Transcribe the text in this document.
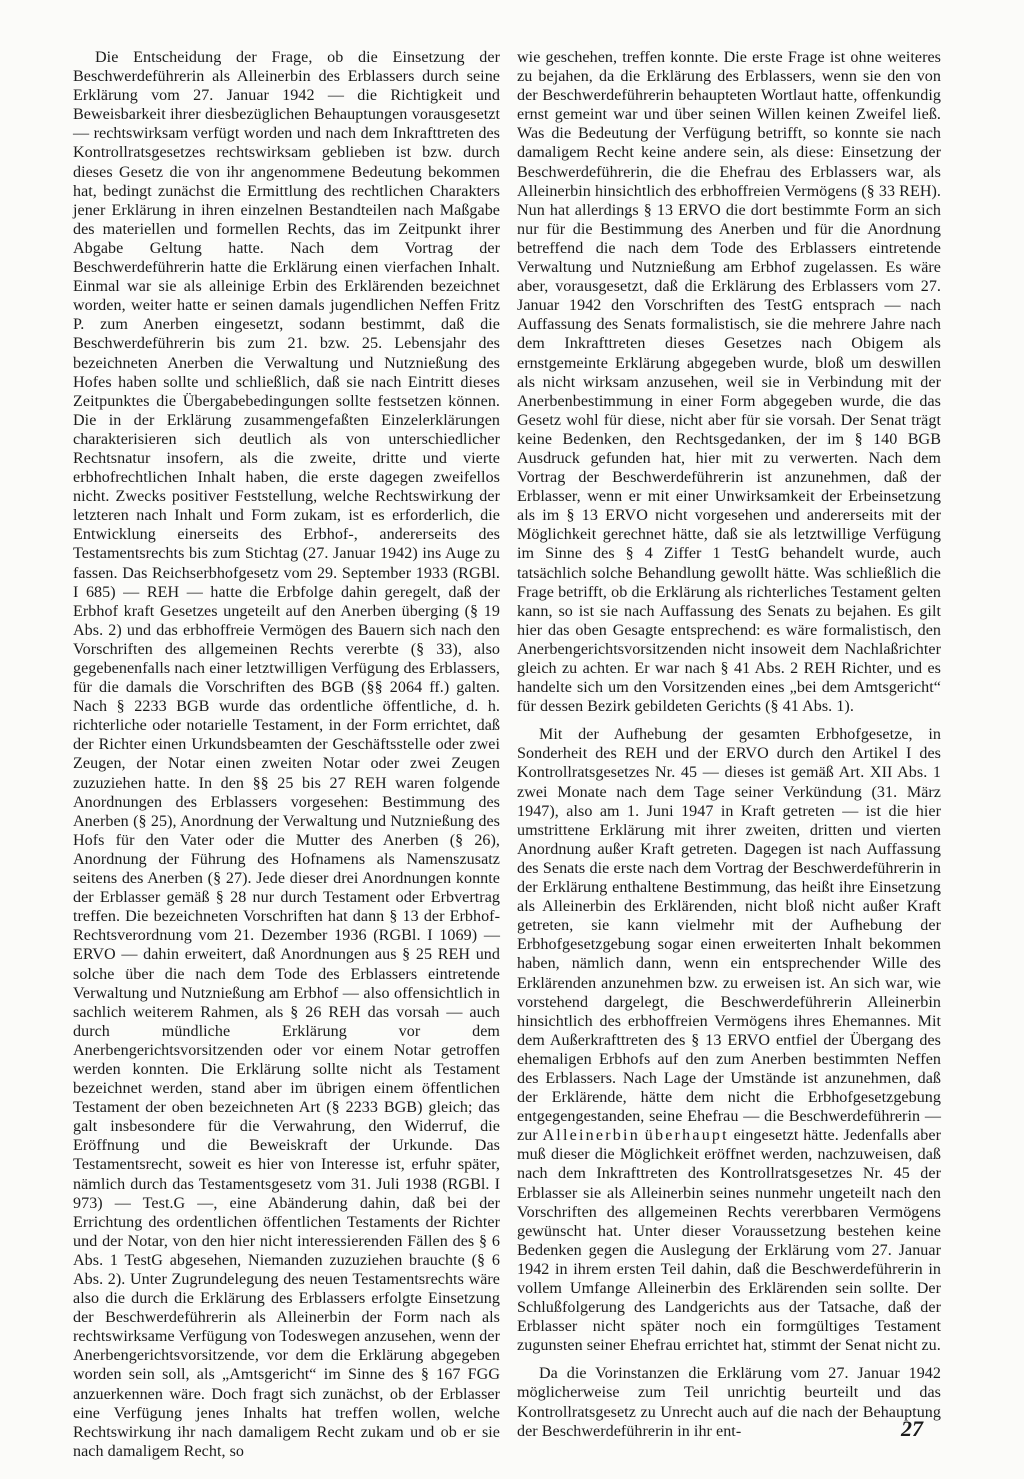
Die Entscheidung der Frage, ob die Einsetzung der Beschwerdeführerin als Alleinerbin des Erblassers durch seine Erklärung vom 27. Januar 1942 — die Richtigkeit und Beweisbarkeit ihrer diesbezüglichen Behauptungen vorausgesetzt — rechtswirksam verfügt worden und nach dem Inkrafttreten des Kontrollratsgesetzes rechtswirksam geblieben ist bzw. durch dieses Gesetz die von ihr angenommene Bedeutung bekommen hat, bedingt zunächst die Ermittlung des rechtlichen Charakters jener Erklärung in ihren einzelnen Bestandteilen nach Maßgabe des materiellen und formellen Rechts, das im Zeitpunkt ihrer Abgabe Geltung hatte. Nach dem Vortrag der Beschwerdeführerin hatte die Erklärung einen vierfachen Inhalt. Einmal war sie als alleinige Erbin des Erklärenden bezeichnet worden, weiter hatte er seinen damals jugendlichen Neffen Fritz P. zum Anerben eingesetzt, sodann bestimmt, daß die Beschwerdeführerin bis zum 21. bzw. 25. Lebensjahr des bezeichneten Anerben die Verwaltung und Nutznießung des Hofes haben sollte und schließlich, daß sie nach Eintritt dieses Zeitpunktes die Übergabebedingungen sollte festsetzen können. Die in der Erklärung zusammengefaßten Einzelerklärungen charakterisieren sich deutlich als von unterschiedlicher Rechtsnatur insofern, als die zweite, dritte und vierte erbhofrechtlichen Inhalt haben, die erste dagegen zweifellos nicht. Zwecks positiver Feststellung, welche Rechtswirkung der letzteren nach Inhalt und Form zukam, ist es erforderlich, die Entwicklung einerseits des Erbhof-, andererseits des Testamentsrechts bis zum Stichtag (27. Januar 1942) ins Auge zu fassen. Das Reichserbhofgesetz vom 29. September 1933 (RGBl. I 685) — REH — hatte die Erbfolge dahin geregelt, daß der Erbhof kraft Gesetzes ungeteilt auf den Anerben überging (§ 19 Abs. 2) und das erbhoffreie Vermögen des Bauern sich nach den Vorschriften des allgemeinen Rechts vererbte (§ 33), also gegebenenfalls nach einer letztwilligen Verfügung des Erblassers, für die damals die Vorschriften des BGB (§§ 2064 ff.) galten. Nach § 2233 BGB wurde das ordentliche öffentliche, d. h. richterliche oder notarielle Testament, in der Form errichtet, daß der Richter einen Urkundsbeamten der Geschäftsstelle oder zwei Zeugen, der Notar einen zweiten Notar oder zwei Zeugen zuzuziehen hatte. In den §§ 25 bis 27 REH waren folgende Anordnungen des Erblassers vorgesehen: Bestimmung des Anerben (§ 25), Anordnung der Verwaltung und Nutznießung des Hofs für den Vater oder die Mutter des Anerben (§ 26), Anordnung der Führung des Hofnamens als Namenszusatz seitens des Anerben (§ 27). Jede dieser drei Anordnungen konnte der Erblasser gemäß § 28 nur durch Testament oder Erbvertrag treffen. Die bezeichneten Vorschriften hat dann § 13 der Erbhof-Rechtsverordnung vom 21. Dezember 1936 (RGBl. I 1069) — ERVO — dahin erweitert, daß Anordnungen aus § 25 REH und solche über die nach dem Tode des Erblassers eintretende Verwaltung und Nutznießung am Erbhof — also offensichtlich in sachlich weiterem Rahmen, als § 26 REH das vorsah — auch durch mündliche Erklärung vor dem Anerbengerichtsvorsitzenden oder vor einem Notar getroffen werden konnten. Die Erklärung sollte nicht als Testament bezeichnet werden, stand aber im übrigen einem öffentlichen Testament der oben bezeichneten Art (§ 2233 BGB) gleich; das galt insbesondere für die Verwahrung, den Widerruf, die Eröffnung und die Beweiskraft der Urkunde. Das Testamentsrecht, soweit es hier von Interesse ist, erfuhr später, nämlich durch das Testamentsgesetz vom 31. Juli 1938 (RGBl. I 973) — Test.G —, eine Abänderung dahin, daß bei der Errichtung des ordentlichen öffentlichen Testaments der Richter und der Notar, von den hier nicht interessierenden Fällen des § 6 Abs. 1 TestG abgesehen, Niemanden zuzuziehen brauchte (§ 6 Abs. 2). Unter Zugrundelegung des neuen Testamentsrechts wäre also die durch die Erklärung des Erblassers erfolgte Einsetzung der Beschwerdeführerin als Alleinerbin der Form nach als rechtswirksame Verfügung von Todeswegen anzusehen, wenn der Anerbengerichtsvorsitzende, vor dem die Erklärung abgegeben worden sein soll, als „Amtsgericht“ im Sinne des § 167 FGG anzuerkennen wäre. Doch fragt sich zunächst, ob der Erblasser eine Verfügung jenes Inhalts hat treffen wollen, welche Rechtswirkung ihr nach damaligem Recht zukam und ob er sie nach damaligem Recht, so

wie geschehen, treffen konnte. Die erste Frage ist ohne weiteres zu bejahen, da die Erklärung des Erblassers, wenn sie den von der Beschwerdeführerin behaupteten Wortlaut hatte, offenkundig ernst gemeint war und über seinen Willen keinen Zweifel ließ. Was die Bedeutung der Verfügung betrifft, so konnte sie nach damaligem Recht keine andere sein, als diese: Einsetzung der Beschwerdeführerin, die die Ehefrau des Erblassers war, als Alleinerbin hinsichtlich des erbhoffreien Vermögens (§ 33 REH). Nun hat allerdings § 13 ERVO die dort bestimmte Form an sich nur für die Bestimmung des Anerben und für die Anordnung betreffend die nach dem Tode des Erblassers eintretende Verwaltung und Nutznießung am Erbhof zugelassen. Es wäre aber, vorausgesetzt, daß die Erklärung des Erblassers vom 27. Januar 1942 den Vorschriften des TestG entsprach — nach Auffassung des Senats formalistisch, sie die mehrere Jahre nach dem Inkrafttreten dieses Gesetzes nach Obigem als ernstgemeinte Erklärung abgegeben wurde, bloß um deswillen als nicht wirksam anzusehen, weil sie in Verbindung mit der Anerbenbestimmung in einer Form abgegeben wurde, die das Gesetz wohl für diese, nicht aber für sie vorsah. Der Senat trägt keine Bedenken, den Rechtsgedanken, der im § 140 BGB Ausdruck gefunden hat, hier mit zu verwerten. Nach dem Vortrag der Beschwerdeführerin ist anzunehmen, daß der Erblasser, wenn er mit einer Unwirksamkeit der Erbeinsetzung als im § 13 ERVO nicht vorgesehen und andererseits mit der Möglichkeit gerechnet hätte, daß sie als letztwillige Verfügung im Sinne des § 4 Ziffer 1 TestG behandelt wurde, auch tatsächlich solche Behandlung gewollt hätte. Was schließlich die Frage betrifft, ob die Erklärung als richterliches Testament gelten kann, so ist sie nach Auffassung des Senats zu bejahen. Es gilt hier das oben Gesagte entsprechend: es wäre formalistisch, den Anerbengerichtsvorsitzenden nicht insoweit dem Nachlaßrichter gleich zu achten. Er war nach § 41 Abs. 2 REH Richter, und es handelte sich um den Vorsitzenden eines „bei dem Amtsgericht“ für dessen Bezirk gebildeten Gerichts (§ 41 Abs. 1).

Mit der Aufhebung der gesamten Erbhofgesetze, in Sonderheit des REH und der ERVO durch den Artikel I des Kontrollratsgesetzes Nr. 45 — dieses ist gemäß Art. XII Abs. 1 zwei Monate nach dem Tage seiner Verkündung (31. März 1947), also am 1. Juni 1947 in Kraft getreten — ist die hier umstrittene Erklärung mit ihrer zweiten, dritten und vierten Anordnung außer Kraft getreten. Dagegen ist nach Auffassung des Senats die erste nach dem Vortrag der Beschwerdeführerin in der Erklärung enthaltene Bestimmung, das heißt ihre Einsetzung als Alleinerbin des Erklärenden, nicht bloß nicht außer Kraft getreten, sie kann vielmehr mit der Aufhebung der Erbhofgesetzgebung sogar einen erweiterten Inhalt bekommen haben, nämlich dann, wenn ein entsprechender Wille des Erklärenden anzunehmen bzw. zu erweisen ist. An sich war, wie vorstehend dargelegt, die Beschwerdeführerin Alleinerbin hinsichtlich des erbhoffreien Vermögens ihres Ehemannes. Mit dem Außerkrafttreten des § 13 ERVO entfiel der Übergang des ehemaligen Erbhofs auf den zum Anerben bestimmten Neffen des Erblassers. Nach Lage der Umstände ist anzunehmen, daß der Erklärende, hätte dem nicht die Erbhofgesetzgebung entgegengestanden, seine Ehefrau — die Beschwerdeführerin — zur Alleinerbin überhaupt eingesetzt hätte. Jedenfalls aber muß dieser die Möglichkeit eröffnet werden, nachzuweisen, daß nach dem Inkrafttreten des Kontrollratsgesetzes Nr. 45 der Erblasser sie als Alleinerbin seines nunmehr ungeteilt nach den Vorschriften des allgemeinen Rechts vererbbaren Vermögens gewünscht hat. Unter dieser Voraussetzung bestehen keine Bedenken gegen die Auslegung der Erklärung vom 27. Januar 1942 in ihrem ersten Teil dahin, daß die Beschwerdeführerin in vollem Umfange Alleinerbin des Erklärenden sein sollte. Der Schlußfolgerung des Landgerichts aus der Tatsache, daß der Erblasser nicht später noch ein formgültiges Testament zugunsten seiner Ehefrau errichtet hat, stimmt der Senat nicht zu.

Da die Vorinstanzen die Erklärung vom 27. Januar 1942 möglicherweise zum Teil unrichtig beurteilt und das Kontrollratsgesetz zu Unrecht auch auf die nach der Behauptung der Beschwerdeführerin in ihr ent-	27
